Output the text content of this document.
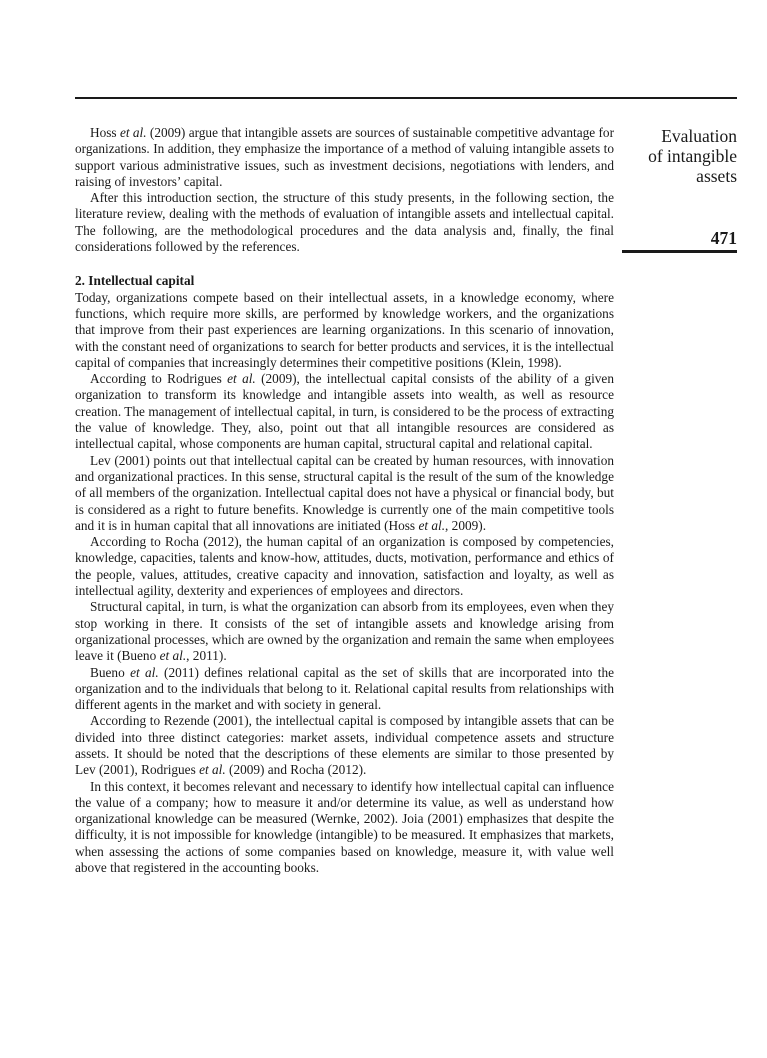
Evaluation
of intangible
assets
471

Hoss et al. (2009) argue that intangible assets are sources of sustainable competitive advantage for organizations. In addition, they emphasize the importance of a method of valuing intangible assets to support various administrative issues, such as investment decisions, negotiations with lenders, and raising of investors’ capital.

After this introduction section, the structure of this study presents, in the following section, the literature review, dealing with the methods of evaluation of intangible assets and intellectual capital. The following, are the methodological procedures and the data analysis and, finally, the final considerations followed by the references.

2. Intellectual capital

Today, organizations compete based on their intellectual assets, in a knowledge economy, where functions, which require more skills, are performed by knowledge workers, and the organizations that improve from their past experiences are learning organizations. In this scenario of innovation, with the constant need of organizations to search for better products and services, it is the intellectual capital of companies that increasingly determines their competitive positions (Klein, 1998).

According to Rodrigues et al. (2009), the intellectual capital consists of the ability of a given organization to transform its knowledge and intangible assets into wealth, as well as resource creation. The management of intellectual capital, in turn, is considered to be the process of extracting the value of knowledge. They, also, point out that all intangible resources are considered as intellectual capital, whose components are human capital, structural capital and relational capital.

Lev (2001) points out that intellectual capital can be created by human resources, with innovation and organizational practices. In this sense, structural capital is the result of the sum of the knowledge of all members of the organization. Intellectual capital does not have a physical or financial body, but is considered as a right to future benefits. Knowledge is currently one of the main competitive tools and it is in human capital that all innovations are initiated (Hoss et al., 2009).

According to Rocha (2012), the human capital of an organization is composed by competencies, knowledge, capacities, talents and know-how, attitudes, ducts, motivation, performance and ethics of the people, values, attitudes, creative capacity and innovation, satisfaction and loyalty, as well as intellectual agility, dexterity and experiences of employees and directors.

Structural capital, in turn, is what the organization can absorb from its employees, even when they stop working in there. It consists of the set of intangible assets and knowledge arising from organizational processes, which are owned by the organization and remain the same when employees leave it (Bueno et al., 2011).

Bueno et al. (2011) defines relational capital as the set of skills that are incorporated into the organization and to the individuals that belong to it. Relational capital results from relationships with different agents in the market and with society in general.

According to Rezende (2001), the intellectual capital is composed by intangible assets that can be divided into three distinct categories: market assets, individual competence assets and structure assets. It should be noted that the descriptions of these elements are similar to those presented by Lev (2001), Rodrigues et al. (2009) and Rocha (2012).

In this context, it becomes relevant and necessary to identify how intellectual capital can influence the value of a company; how to measure it and/or determine its value, as well as understand how organizational knowledge can be measured (Wernke, 2002). Joia (2001) emphasizes that despite the difficulty, it is not impossible for knowledge (intangible) to be measured. It emphasizes that markets, when assessing the actions of some companies based on knowledge, measure it, with value well above that registered in the accounting books.
